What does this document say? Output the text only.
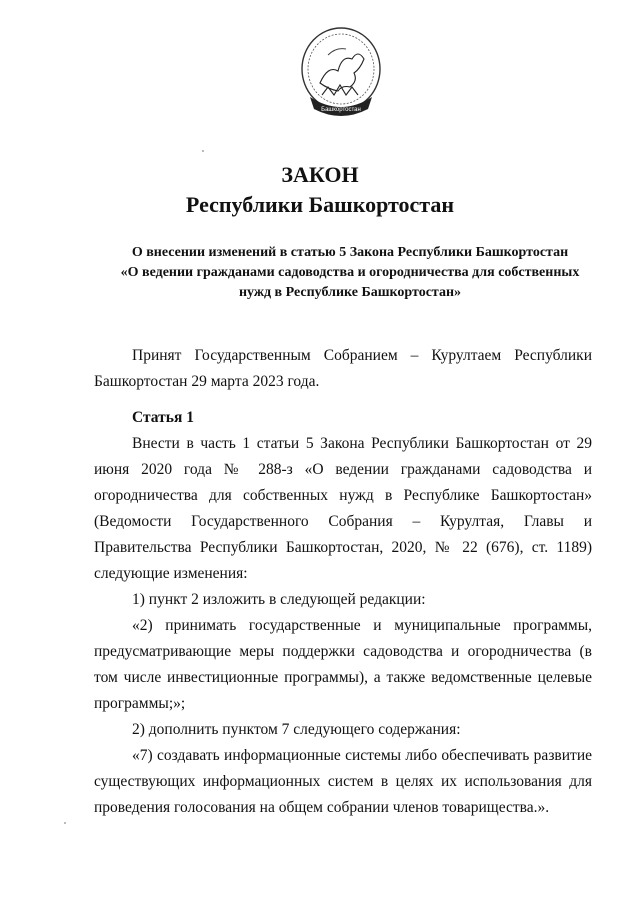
Башкортостан
ЗАКОН
Республики Башкортостан
О внесении изменений в статью 5 Закона Республики Башкортостан
«О ведении гражданами садоводства и огородничества для собственных
нужд в Республике Башкортостан»
Принят Государственным Собранием – Курултаем Республики Башкортостан 29 марта 2023 года.
Статья 1

Внести в часть 1 статьи 5 Закона Республики Башкортостан от 29 июня 2020 года № 288-з «О ведении гражданами садоводства и огородничества для собственных нужд в Республике Башкортостан» (Ведомости Государственного Собрания – Курултая, Главы и Правительства Республики Башкортостан, 2020, № 22 (676), ст. 1189) следующие изменения:

1) пункт 2 изложить в следующей редакции:

«2) принимать государственные и муниципальные программы, предусматривающие меры поддержки садоводства и огородничества (в том числе инвестиционные программы), а также ведомственные целевые программы;»;

2) дополнить пунктом 7 следующего содержания:

«7) создавать информационные системы либо обеспечивать развитие существующих информационных систем в целях их использования для проведения голосования на общем собрании членов товарищества.».
